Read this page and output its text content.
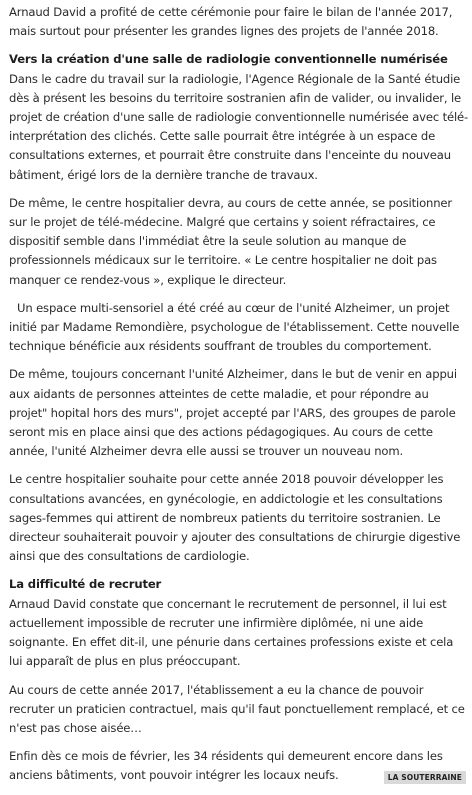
Arnaud David a profité de cette cérémonie pour faire le bilan de l'année 2017, mais surtout pour présenter les grandes lignes des projets de l'année 2018.

Vers la création d'une salle de radiologie conventionnelle numérisée

Dans le cadre du travail sur la radiologie, l'Agence Régionale de la Santé étudie dès à présent les besoins du territoire sostranien afin de valider, ou invalider, le projet de création d'une salle de radiologie conventionnelle numérisée avec télé-interprétation des clichés. Cette salle pourrait être intégrée à un espace de consultations externes, et pourrait être construite dans l'enceinte du nouveau bâtiment, érigé lors de la dernière tranche de travaux.

De même, le centre hospitalier devra, au cours de cette année, se positionner sur le projet de télé-médecine. Malgré que certains y soient réfractaires, ce dispositif semble dans l'immédiat être la seule solution au manque de professionnels médicaux sur le territoire. « Le centre hospitalier ne doit pas manquer ce rendez-vous », explique le directeur.

Un espace multi-sensoriel a été créé au cœur de l'unité Alzheimer, un projet initié par Madame Remondière, psychologue de l'établissement. Cette nouvelle technique bénéficie aux résidents souffrant de troubles du comportement.

De même, toujours concernant l'unité Alzheimer, dans le but de venir en appui aux aidants de personnes atteintes de cette maladie, et pour répondre au projet" hopital hors des murs", projet accepté par l'ARS, des groupes de parole seront mis en place ainsi que des actions pédagogiques. Au cours de cette année, l'unité Alzheimer devra elle aussi se trouver un nouveau nom.

Le centre hospitalier souhaite pour cette année 2018 pouvoir développer les consultations avancées, en gynécologie, en addictologie et les consultations sages-femmes qui attirent de nombreux patients du territoire sostranien. Le directeur souhaiterait pouvoir y ajouter des consultations de chirurgie digestive ainsi que des consultations de cardiologie.

La difficulté de recruter

Arnaud David constate que concernant le recrutement de personnel, il lui est actuellement impossible de recruter une infirmière diplômée, ni une aide soignante. En effet dit-il, une pénurie dans certaines professions existe et cela lui apparaît de plus en plus préoccupant.

Au cours de cette année 2017, l'établissement a eu la chance de pouvoir recruter un praticien contractuel, mais qu'il faut ponctuellement remplacé, et ce n'est pas chose aisée…

Enfin dès ce mois de février, les 34 résidents qui demeurent encore dans les anciens bâtiments, vont pouvoir intégrer les locaux neufs.	LA SOUTERRAINE
